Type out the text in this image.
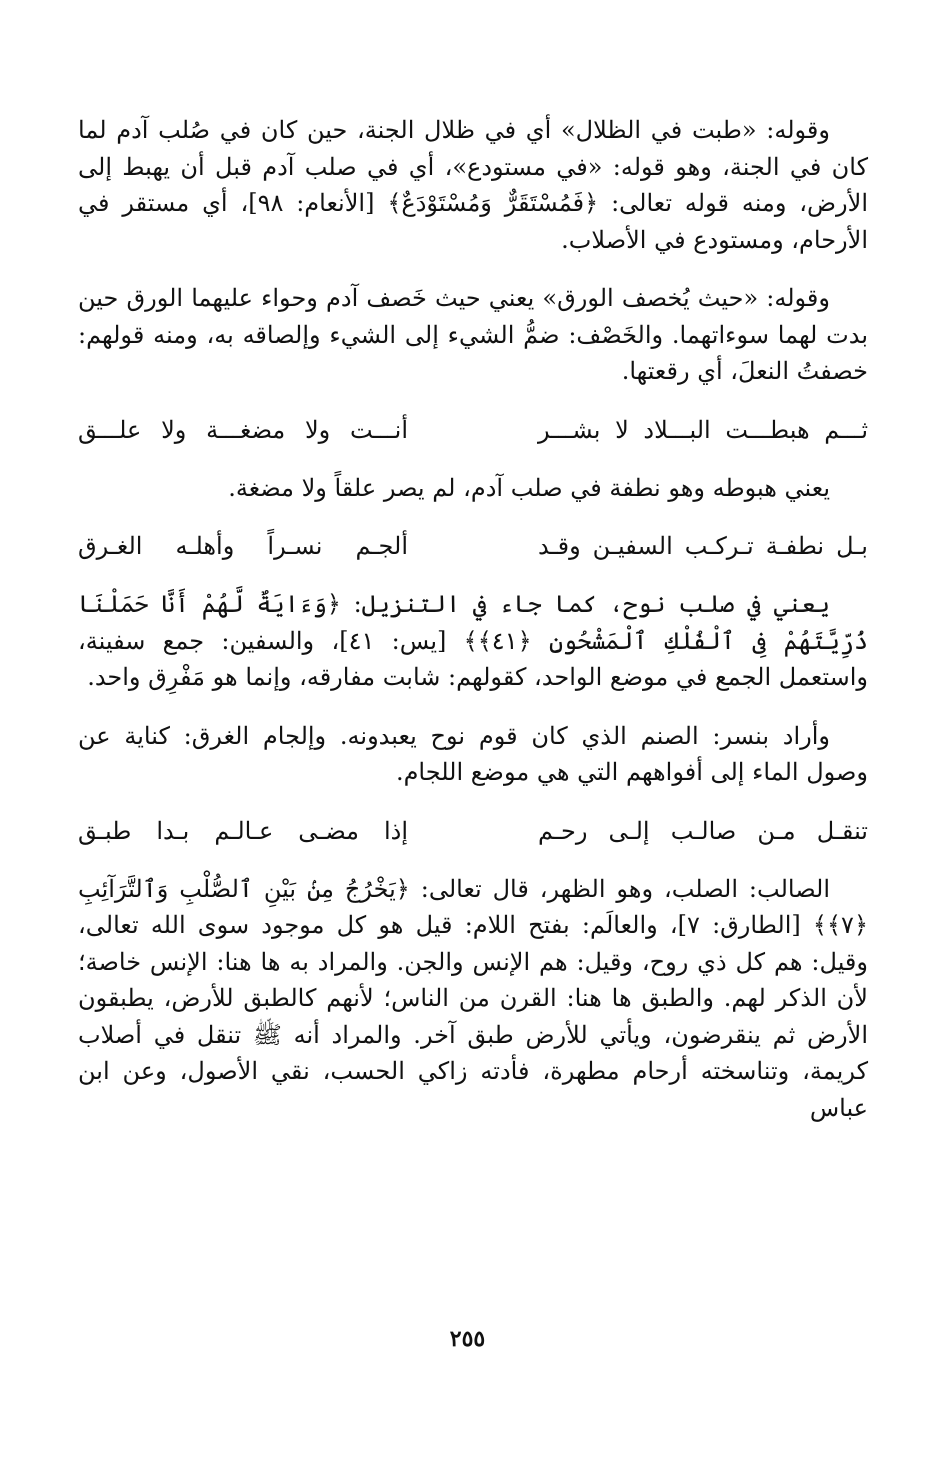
وقوله: «طبت في الظلال» أي في ظلال الجنة، حين كان في صُلب آدم لما كان في الجنة، وهو قوله: «في مستودع»، أي في صلب آدم قبل أن يهبط إلى الأرض، ومنه قوله تعالى: ﴿فَمُسْتَقَرٌّ وَمُسْتَوْدَعٌ﴾ [الأنعام: ٩٨]، أي مستقر في الأرحام، ومستودع في الأصلاب.

وقوله: «حيث يُخصف الورق» يعني حيث خَصف آدم وحواء عليهما الورق حين بدت لهما سوءاتهما. والخَصْف: ضمُّ الشيء إلى الشيء وإلصاقه به، ومنه قولهم: خصفتُ النعلَ، أي رقعتها.

ثـــم هبطـــت البـــلاد لا بشـــر
أنـــت ولا مضغـــة ولا علـــق

يعني هبوطه وهو نطفة في صلب آدم، لم يصر علقاً ولا مضغة.

بـل نطفـة تـركـب السفيـن وقـد
ألجـم نسـراً وأهلـه الغـرق

يعني في صلب نوح، كما جاء في التنزيل: ﴿وَءَايَةٌ لَّهُمْ أَنَّا حَمَلْنَا ذُرِّيَّتَهُمْ فِى ٱلْفُلْكِ ٱلْمَشْحُونِ ﴿٤١﴾﴾ [يس: ٤١]، والسفين: جمع سفينة، واستعمل الجمع في موضع الواحد، كقولهم: شابت مفارقه، وإنما هو مَفْرِق واحد.

وأراد بنسر: الصنم الذي كان قوم نوح يعبدونه. وإلجام الغرق: كناية عن وصول الماء إلى أفواههم التي هي موضع اللجام.

تنقـل مـن صالـب إلـى رحـم
إذا مضـى عـالـم بـدا طبـق

الصالب: الصلب، وهو الظهر، قال تعالى: ﴿يَخْرُجُ مِنۢ بَيْنِ ٱلصُّلْبِ وَٱلتَّرَآئِبِ ﴿٧﴾﴾ [الطارق: ٧]، والعالَم: بفتح اللام: قيل هو كل موجود سوى الله تعالى، وقيل: هم كل ذي روح، وقيل: هم الإنس والجن. والمراد به ها هنا: الإنس خاصة؛ لأن الذكر لهم. والطبق ها هنا: القرن من الناس؛ لأنهم كالطبق للأرض، يطبقون الأرض ثم ينقرضون، ويأتي للأرض طبق آخر. والمراد أنه ﷺ تنقل في أصلاب كريمة، وتناسخته أرحام مطهرة، فأدته زاكي الحسب، نقي الأصول، وعن ابن عباس

٢٥٥
